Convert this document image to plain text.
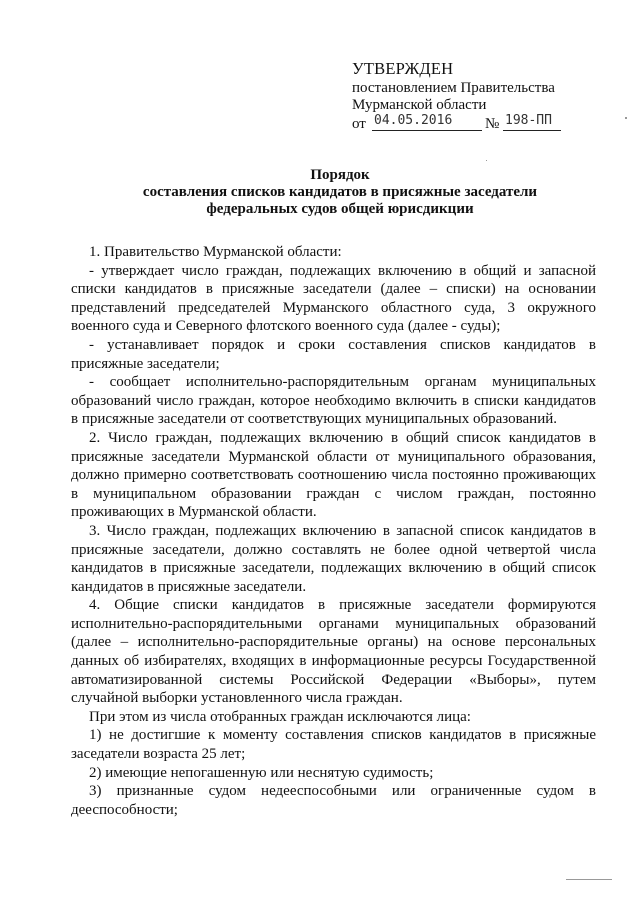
УТВЕРЖДЕН
постановлением Правительства
Мурманской области
от 04.05.2016 № 198-ПП
Порядок
составления списков кандидатов в присяжные заседатели
федеральных судов общей юрисдикции

1. Правительство Мурманской области:

- утверждает число граждан, подлежащих включению в общий и запасной списки кандидатов в присяжные заседатели (далее – списки) на основании представлений председателей Мурманского областного суда, 3 окружного военного суда и Северного флотского военного суда (далее - суды);

- устанавливает порядок и сроки составления списков кандидатов в присяжные заседатели;

- сообщает исполнительно-распорядительным органам муниципальных образований число граждан, которое необходимо включить в списки кандидатов в присяжные заседатели от соответствующих муниципальных образований.

2. Число граждан, подлежащих включению в общий список кандидатов в присяжные заседатели Мурманской области от муниципального образования, должно примерно соответствовать соотношению числа постоянно проживающих в муниципальном образовании граждан с числом граждан, постоянно проживающих в Мурманской области.

3. Число граждан, подлежащих включению в запасной список кандидатов в присяжные заседатели, должно составлять не более одной четвертой числа кандидатов в присяжные заседатели, подлежащих включению в общий список кандидатов в присяжные заседатели.

4. Общие списки кандидатов в присяжные заседатели формируются исполнительно-распорядительными органами муниципальных образований (далее – исполнительно-распорядительные органы) на основе персональных данных об избирателях, входящих в информационные ресурсы Государственной автоматизированной системы Российской Федерации «Выборы», путем случайной выборки установленного числа граждан.

При этом из числа отобранных граждан исключаются лица:

1) не достигшие к моменту составления списков кандидатов в присяжные заседатели возраста 25 лет;

2) имеющие непогашенную или неснятую судимость;

3) признанные судом недееспособными или ограниченные судом в дееспособности;
